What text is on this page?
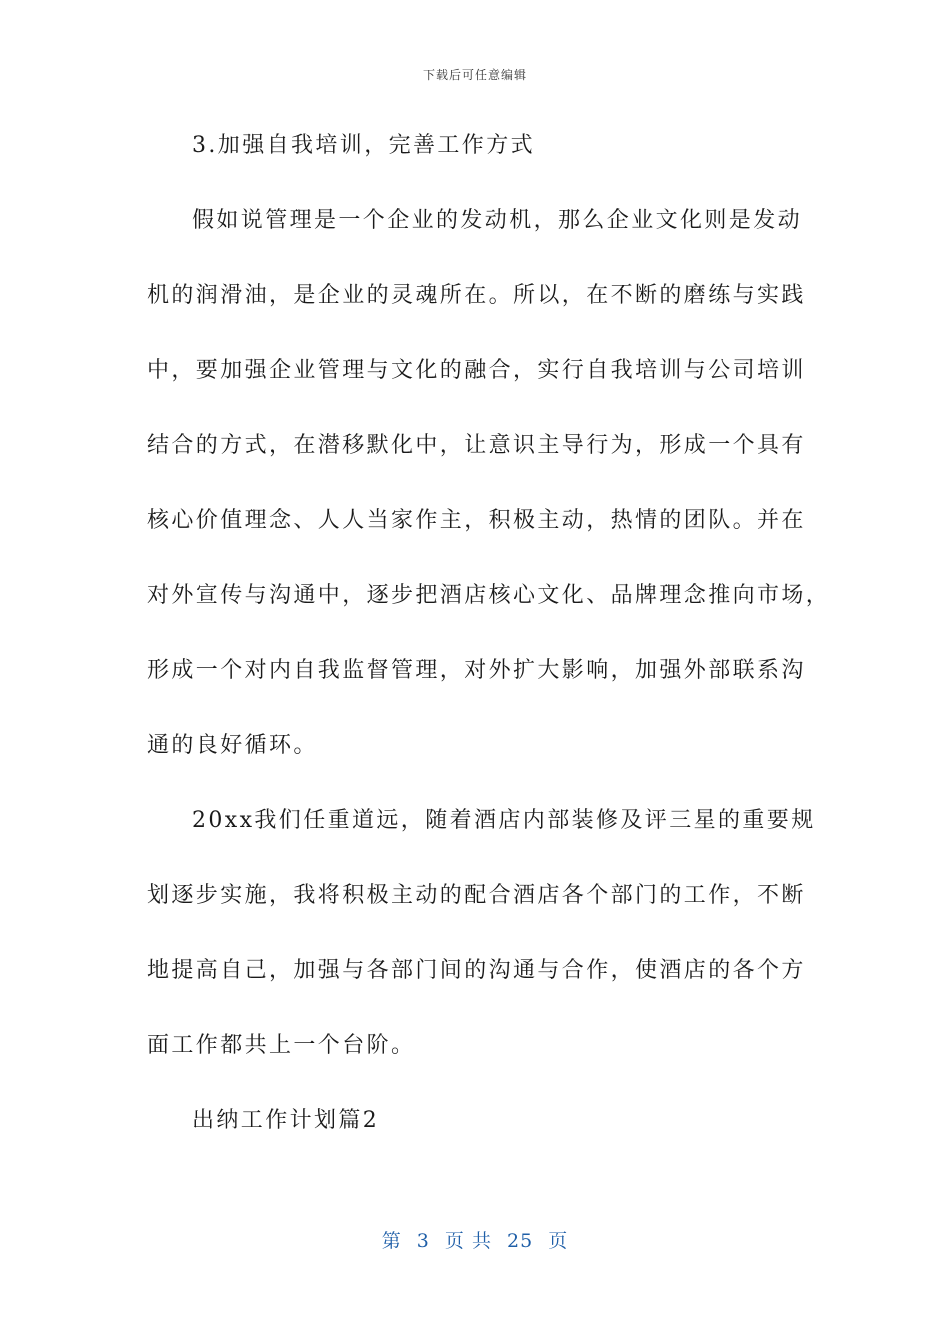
下载后可任意编辑
3.加强自我培训，完善工作方式
假如说管理是一个企业的发动机，那么企业文化则是发动
机的润滑油，是企业的灵魂所在。所以，在不断的磨练与实践
中，要加强企业管理与文化的融合，实行自我培训与公司培训
结合的方式，在潜移默化中，让意识主导行为，形成一个具有
核心价值理念、人人当家作主，积极主动，热情的团队。并在
对外宣传与沟通中，逐步把酒店核心文化、品牌理念推向市场，
形成一个对内自我监督管理，对外扩大影响，加强外部联系沟
通的良好循环。
20xx我们任重道远，随着酒店内部装修及评三星的重要规
划逐步实施，我将积极主动的配合酒店各个部门的工作，不断
地提高自己，加强与各部门间的沟通与合作，使酒店的各个方
面工作都共上一个台阶。
出纳工作计划篇2
第 3 页 共 25 页
